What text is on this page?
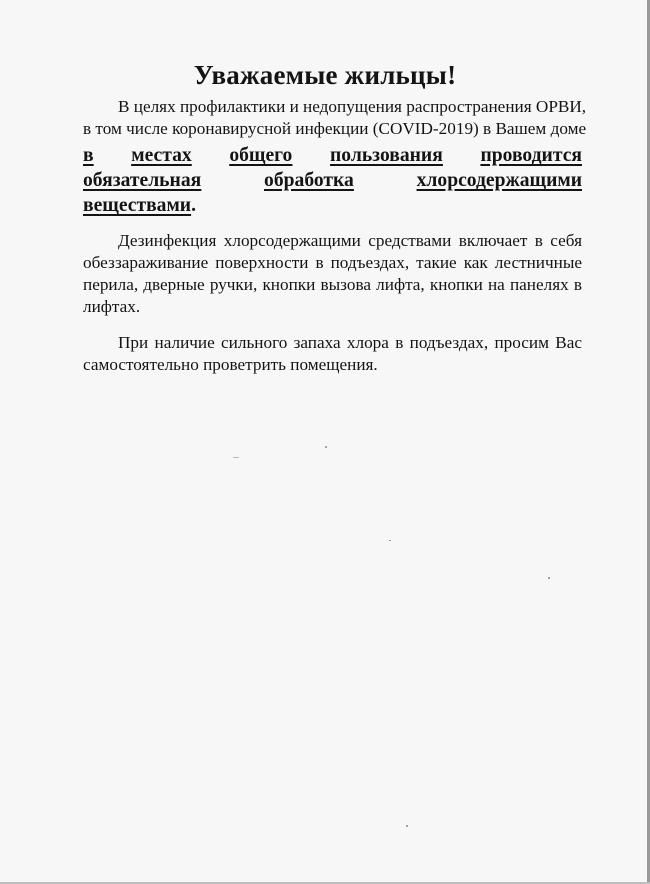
Уважаемые жильцы!
В целях профилактики и недопущения распространения ОРВИ,
в том числе коронавирусной инфекции (COVID-2019) в Вашем доме
в местах общего пользования проводится
обязательная	обработка	хлорсодержащими
веществами.

Дезинфекция хлорсодержащими средствами включает в себя обеззараживание поверхности в подъездах, такие как лестничные перила, дверные ручки, кнопки вызова лифта, кнопки на панелях в лифтах.

При наличие сильного запаха хлора в подъездах, просим Вас самостоятельно проветрить помещения.
